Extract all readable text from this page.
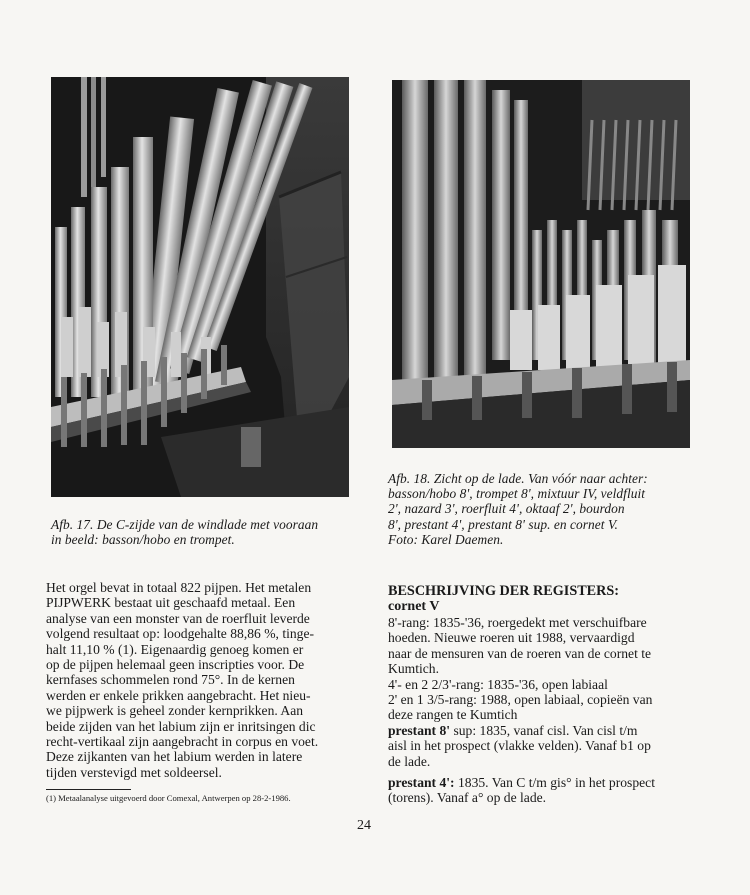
Afb. 17. De C-zijde van de windlade met vooraan
in beeld: basson/hobo en trompet.
Afb. 18. Zicht op de lade. Van vóór naar achter:
basson/hobo 8', trompet 8', mixtuur IV, veldfluit
2', nazard 3', roerfluit 4', oktaaf 2', bourdon
8', prestant 4', prestant 8' sup. en cornet V.
Foto: Karel Daemen.
Het orgel bevat in totaal 822 pijpen. Het metalen
PIJPWERK bestaat uit geschaafd metaal. Een
analyse van een monster van de roerfluit leverde
volgend resultaat op: loodgehalte 88,86 %, tinge-
halt 11,10 % (1). Eigenaardig genoeg komen er
op de pijpen helemaal geen inscripties voor. De
kernfases schommelen rond 75°. In de kernen
werden er enkele prikken aangebracht. Het nieu-
we pijpwerk is geheel zonder kernprikken. Aan
beide zijden van het labium zijn er inritsingen dic
recht-vertikaal zijn aangebracht in corpus en voet.
Deze zijkanten van het labium werden in latere
tijden verstevigd met soldeersel.
(1) Metaalanalyse uitgevoerd door Comexal, Antwerpen op 28-2-1986.
BESCHRIJVING DER REGISTERS:
cornet V
8'-rang: 1835-'36, roergedekt met verschuifbare
hoeden. Nieuwe roeren uit 1988, vervaardigd
naar de mensuren van de roeren van de cornet te
Kumtich.
4'- en 2 2/3'-rang: 1835-'36, open labiaal
2' en 1 3/5-rang: 1988, open labiaal, copieën van
deze rangen te Kumtich
prestant 8' sup: 1835, vanaf cisl. Van cisl t/m
aisl in het prospect (vlakke velden). Vanaf b1 op
de lade.
prestant 4': 1835. Van C t/m gis° in het prospect
(torens). Vanaf a° op de lade.
24
